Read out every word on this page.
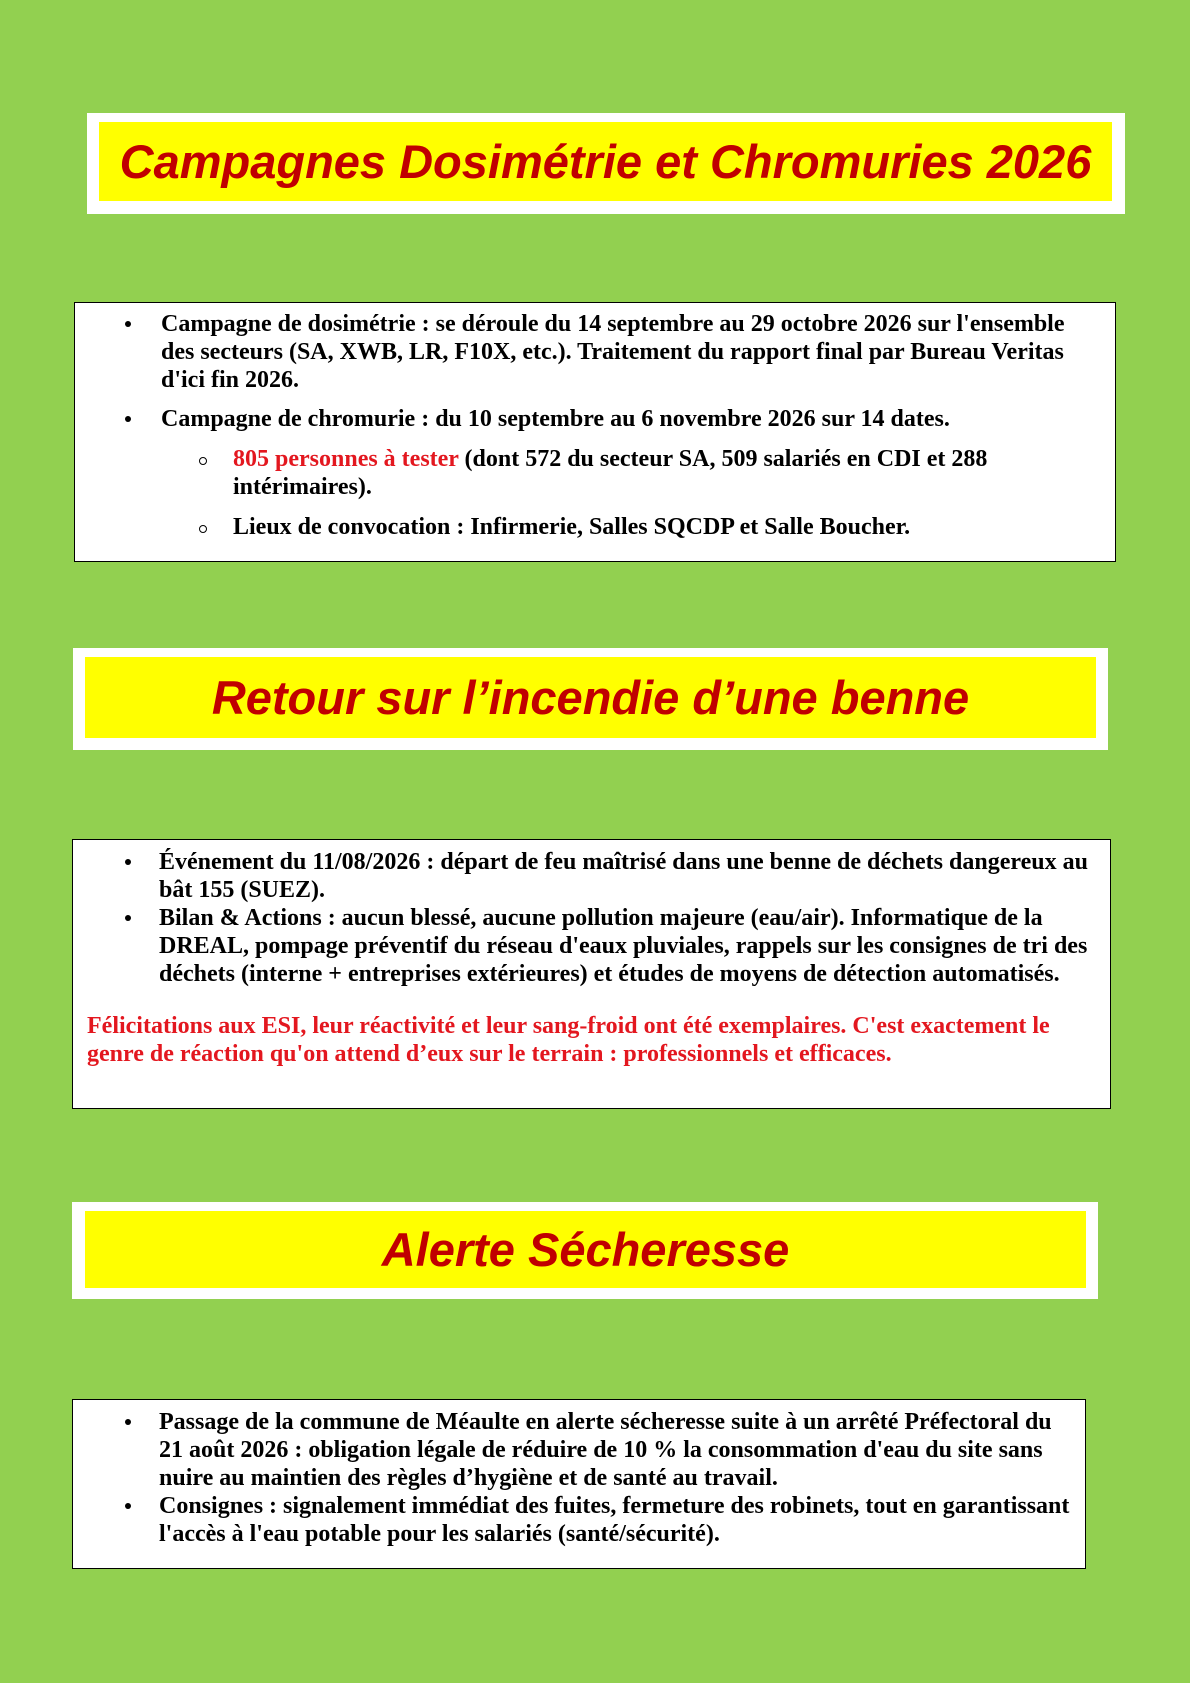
Campagnes Dosimétrie et Chromuries 2026
Campagne de dosimétrie : se déroule du 14 septembre au 29 octobre 2026 sur l'ensemble des secteurs (SA, XWB, LR, F10X, etc.). Traitement du rapport final par Bureau Veritas d'ici fin 2026.
Campagne de chromurie : du 10 septembre au 6 novembre 2026 sur 14 dates.
805 personnes à tester (dont 572 du secteur SA, 509 salariés en CDI et 288 intérimaires).
Lieux de convocation : Infirmerie, Salles SQCDP et Salle Boucher.
Retour sur l’incendie d’une benne
Événement du 11/08/2026 : départ de feu maîtrisé dans une benne de déchets dangereux au bât 155 (SUEZ).
Bilan & Actions : aucun blessé, aucune pollution majeure (eau/air). Informatique de la DREAL, pompage préventif du réseau d'eaux pluviales, rappels sur les consignes de tri des déchets (interne + entreprises extérieures) et études de moyens de détection automatisés.
Félicitations aux ESI, leur réactivité et leur sang-froid ont été exemplaires. C'est exactement le genre de réaction qu'on attend d’eux sur le terrain : professionnels et efficaces.
Alerte Sécheresse
Passage de la commune de Méaulte en alerte sécheresse suite à un arrêté Préfectoral du 21 août 2026 : obligation légale de réduire de 10 % la consommation d'eau du site sans nuire au maintien des règles d’hygiène et de santé au travail.
Consignes : signalement immédiat des fuites, fermeture des robinets, tout en garantissant l'accès à l'eau potable pour les salariés (santé/sécurité).
